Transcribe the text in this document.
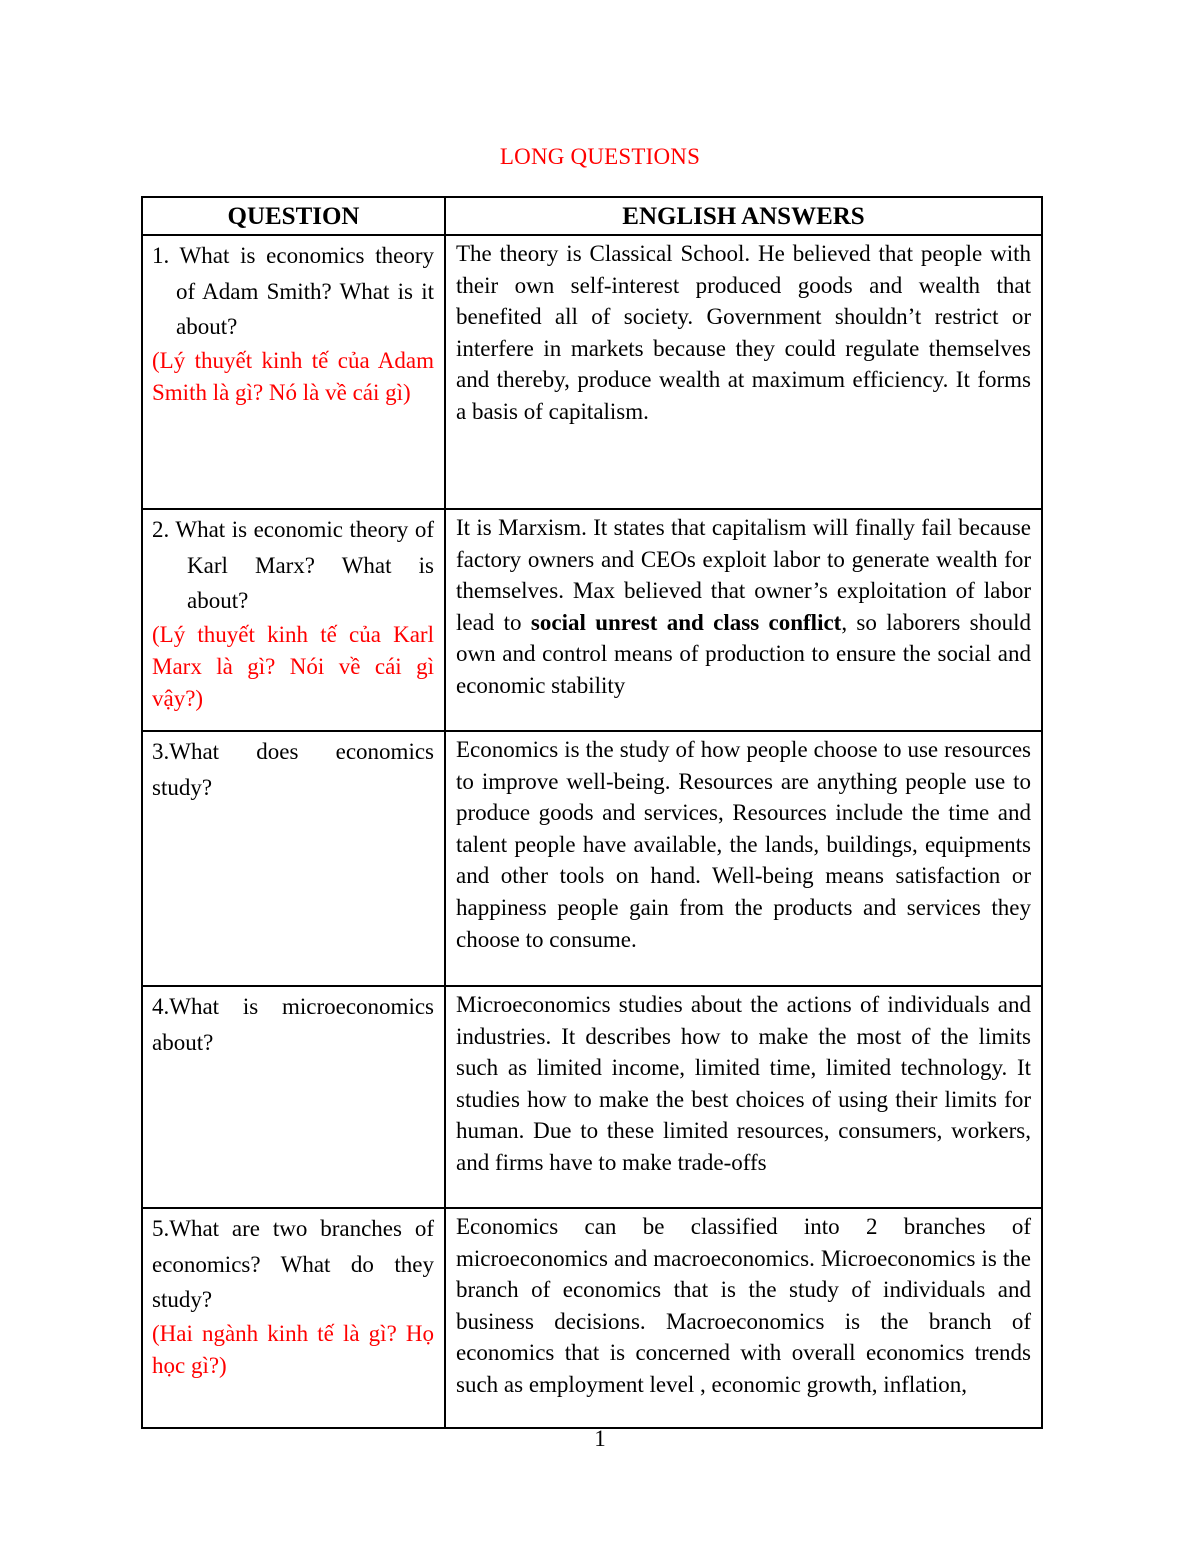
LONG QUESTIONS
QUESTION	ENGLISH ANSWERS

1. What is economics theory of Adam Smith? What is it about?
(Lý thuyết kinh tế của Adam Smith là gì? Nó là về cái gì)	The theory is Classical School. He believed that people with their own self-interest produced goods and wealth that benefited all of society. Government shouldn’t restrict or interfere in markets because they could regulate themselves and thereby, produce wealth at maximum efficiency. It forms a basis of capitalism.

2. What is economic theory of Karl Marx? What is about?
(Lý thuyết kinh tế của Karl Marx là gì? Nói về cái gì vậy?)	It is Marxism. It states that capitalism will finally fail because factory owners and CEOs exploit labor to generate wealth for themselves. Max believed that owner’s exploitation of labor lead to social unrest and class conflict, so laborers should own and control means of production to ensure the social and economic stability

3.What does economics study?	Economics is the study of how people choose to use resources to improve well-being. Resources are anything people use to produce goods and services, Resources include the time and talent people have available, the lands, buildings, equipments and other tools on hand. Well-being means satisfaction or happiness people gain from the products and services they choose to consume.

4.What is microeconomics about?	Microeconomics studies about the actions of individuals and industries. It describes how to make the most of the limits such as limited income, limited time, limited technology. It studies how to make the best choices of using their limits for human. Due to these limited resources, consumers, workers, and firms have to make trade-offs

5.What are two branches of economics? What do they study?
(Hai ngành kinh tế là gì? Họ học gì?)	Economics can be classified into 2 branches of microeconomics and macroeconomics. Microeconomics is the branch of economics that is the study of individuals and business decisions. Macroeconomics is the branch of economics that is concerned with overall economics trends such as employment level , economic growth, inflation,
1
